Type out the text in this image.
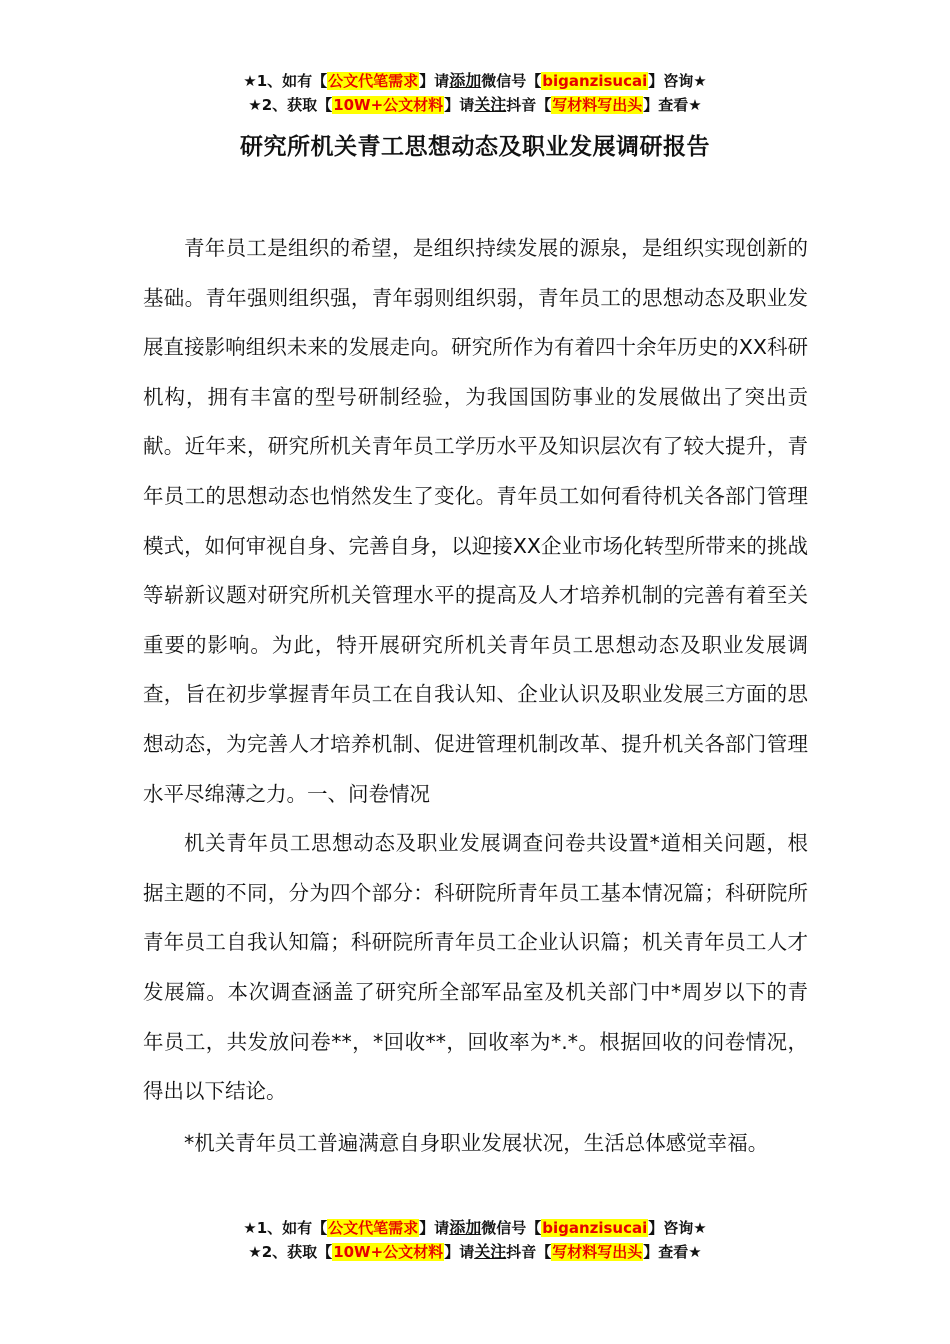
★1、如有【公文代笔需求】请添加微信号【biganzisucai】咨询★
★2、获取【10W+公文材料】请关注抖音【写材料写出头】查看★
研究所机关青工思想动态及职业发展调研报告

青年员工是组织的希望，是组织持续发展的源泉，是组织实现创新的基础。青年强则组织强，青年弱则组织弱，青年员工的思想动态及职业发展直接影响组织未来的发展走向。研究所作为有着四十余年历史的XX科研机构，拥有丰富的型号研制经验，为我国国防事业的发展做出了突出贡献。近年来，研究所机关青年员工学历水平及知识层次有了较大提升，青年员工的思想动态也悄然发生了变化。青年员工如何看待机关各部门管理模式，如何审视自身、完善自身，以迎接XX企业市场化转型所带来的挑战等崭新议题对研究所机关管理水平的提高及人才培养机制的完善有着至关重要的影响。为此，特开展研究所机关青年员工思想动态及职业发展调查，旨在初步掌握青年员工在自我认知、企业认识及职业发展三方面的思想动态，为完善人才培养机制、促进管理机制改革、提升机关各部门管理水平尽绵薄之力。一、问卷情况

机关青年员工思想动态及职业发展调查问卷共设置*道相关问题，根据主题的不同，分为四个部分：科研院所青年员工基本情况篇；科研院所青年员工自我认知篇；科研院所青年员工企业认识篇；机关青年员工人才发展篇。本次调查涵盖了研究所全部军品室及机关部门中*周岁以下的青年员工，共发放问卷**，*回收**，回收率为*.*。根据回收的问卷情况，得出以下结论。

*机关青年员工普遍满意自身职业发展状况，生活总体感觉幸福。

★1、如有【公文代笔需求】请添加微信号【biganzisucai】咨询★
★2、获取【10W+公文材料】请关注抖音【写材料写出头】查看★
